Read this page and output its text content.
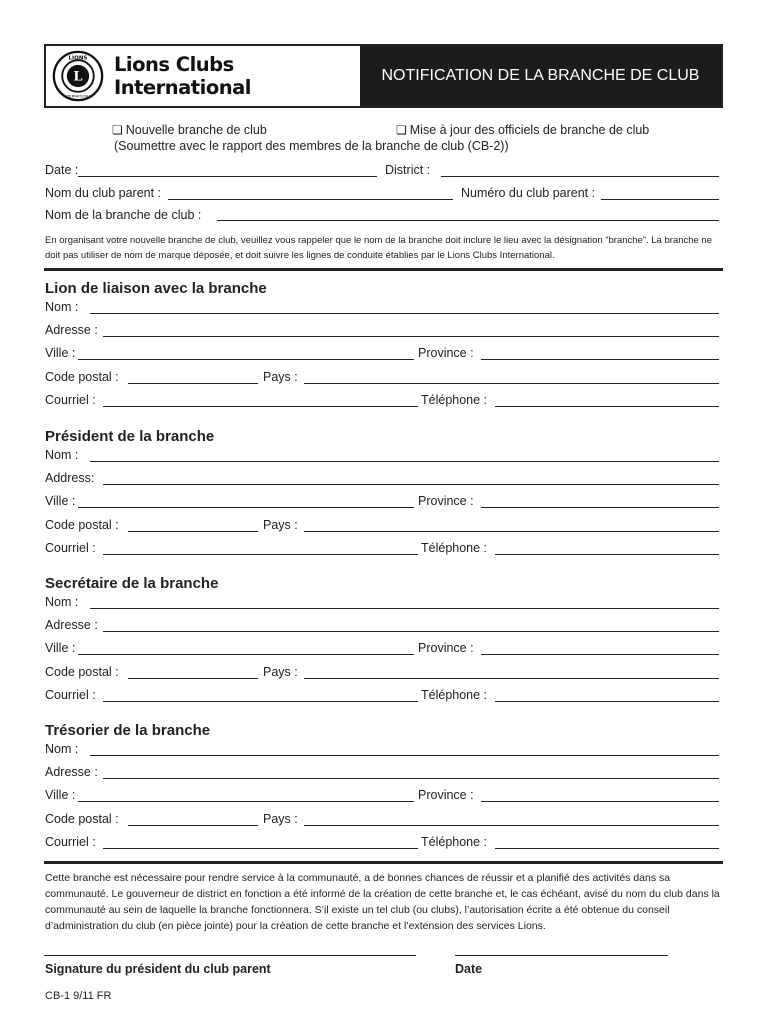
L
LIONS
INTERNATIONAL
Lions Clubs International
NOTIFICATION DE LA BRANCHE DE CLUB
❏ Nouvelle branche de club	❏ Mise à jour des officiels de branche de club
(Soumettre avec le rapport des membres de la branche de club (CB-2))
Date :	District :
Nom du club parent :	Numéro du club parent :
Nom de la branche de club :
En organisant votre nouvelle branche de club, veuillez vous rappeler que le nom de la branche doit inclure le lieu avec la désignation “branche”. La branche ne doit pas utiliser de nom de marque déposée, et doit suivre les lignes de conduite établies par le Lions Clubs International.
Lion de liaison avec la branche
Nom :
Adresse :
Ville :	Province :
Code postal :	Pays :
Courriel :	Téléphone :
Président de la branche
Nom :
Address:
Ville :	Province :
Code postal :	Pays :
Courriel :	Téléphone :
Secrétaire de la branche
Nom :
Adresse :
Ville :	Province :
Code postal :	Pays :
Courriel :	Téléphone :
Trésorier de la branche
Nom :
Adresse :
Ville :	Province :
Code postal :	Pays :
Courriel :	Téléphone :
Cette branche est nécessaire pour rendre service à la communauté, a de bonnes chances de réussir et a planifié des activités dans sa communauté. Le gouverneur de district en fonction a été informé de la création de cette branche et, le cas échéant, avisé du nom du club dans la communauté au sein de laquelle la branche fonctionnera. S’il existe un tel club (ou clubs), l’autorisation écrite a été obtenue du conseil d’administration du club (en pièce jointe) pour la création de cette branche et l’extension des services Lions.
Signature du président du club parent	Date
CB-1 9/11 FR
